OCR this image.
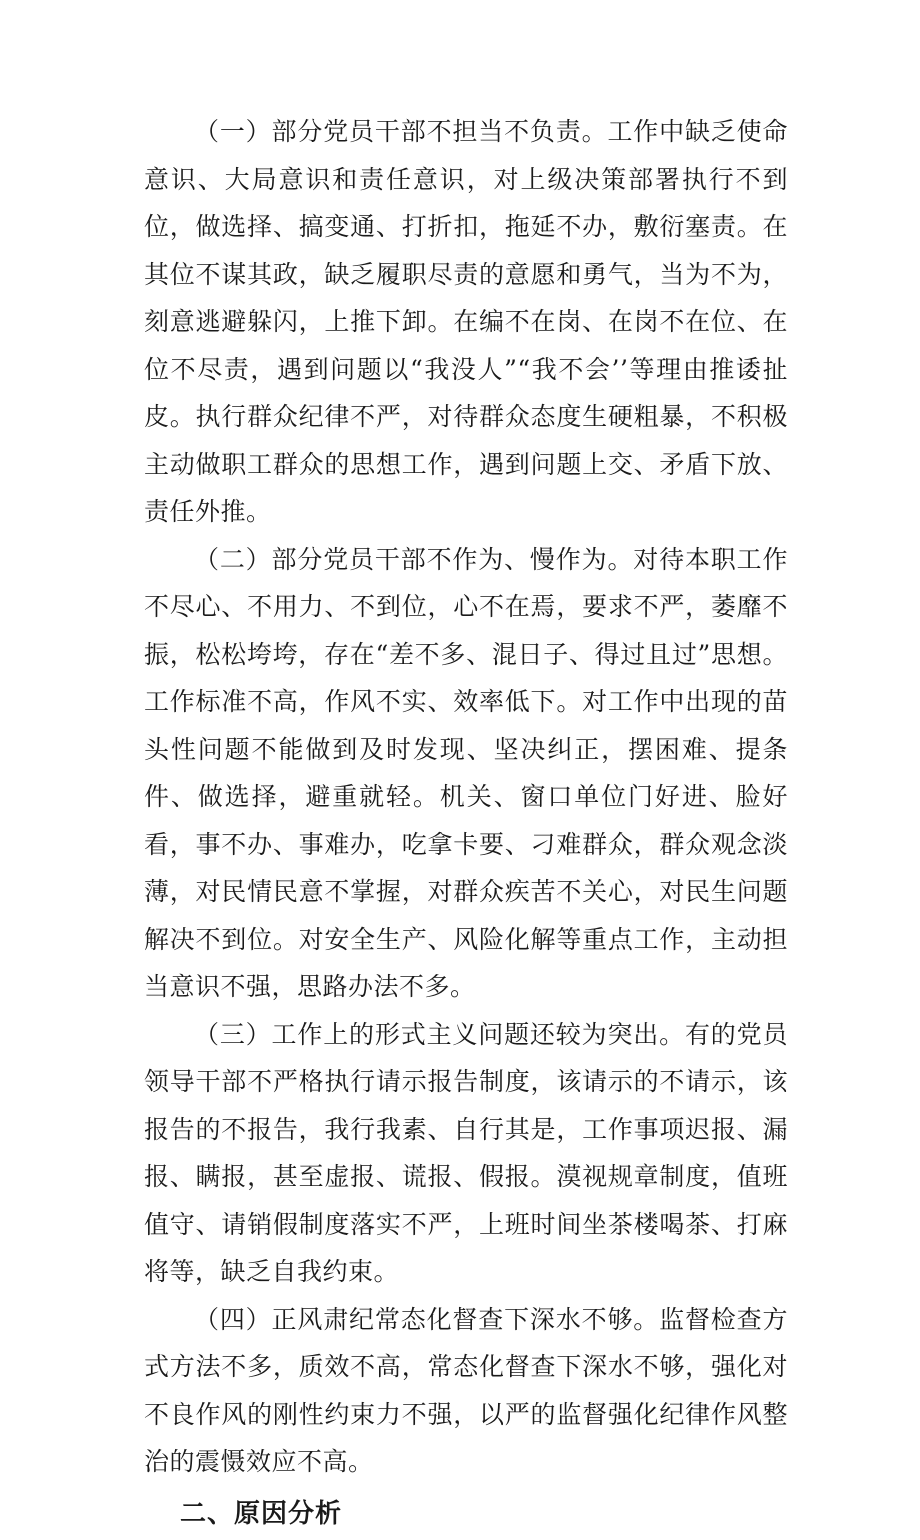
（一）部分党员干部不担当不负责。工作中缺乏使命意识、大局意识和责任意识，对上级决策部署执行不到位，做选择、搞变通、打折扣，拖延不办，敷衍塞责。在其位不谋其政，缺乏履职尽责的意愿和勇气，当为不为，刻意逃避躲闪，上推下卸。在编不在岗、在岗不在位、在位不尽责，遇到问题以“我没人”“我不会’’等理由推诿扯皮。执行群众纪律不严，对待群众态度生硬粗暴，不积极主动做职工群众的思想工作，遇到问题上交、矛盾下放、责任外推。

（二）部分党员干部不作为、慢作为。对待本职工作不尽心、不用力、不到位，心不在焉，要求不严，萎靡不振，松松垮垮，存在“差不多、混日子、得过且过”思想。工作标准不高，作风不实、效率低下。对工作中出现的苗头性问题不能做到及时发现、坚决纠正，摆困难、提条件、做选择，避重就轻。机关、窗口单位门好进、脸好看，事不办、事难办，吃拿卡要、刁难群众，群众观念淡薄，对民情民意不掌握，对群众疾苦不关心，对民生问题解决不到位。对安全生产、风险化解等重点工作，主动担当意识不强，思路办法不多。

（三）工作上的形式主义问题还较为突出。有的党员领导干部不严格执行请示报告制度，该请示的不请示，该报告的不报告，我行我素、自行其是，工作事项迟报、漏报、瞒报，甚至虚报、谎报、假报。漠视规章制度，值班值守、请销假制度落实不严，上班时间坐茶楼喝茶、打麻将等，缺乏自我约束。

（四）正风肃纪常态化督查下深水不够。监督检查方式方法不多，质效不高，常态化督查下深水不够，强化对不良作风的刚性约束力不强，以严的监督强化纪律作风整治的震慑效应不高。

二、原因分析
